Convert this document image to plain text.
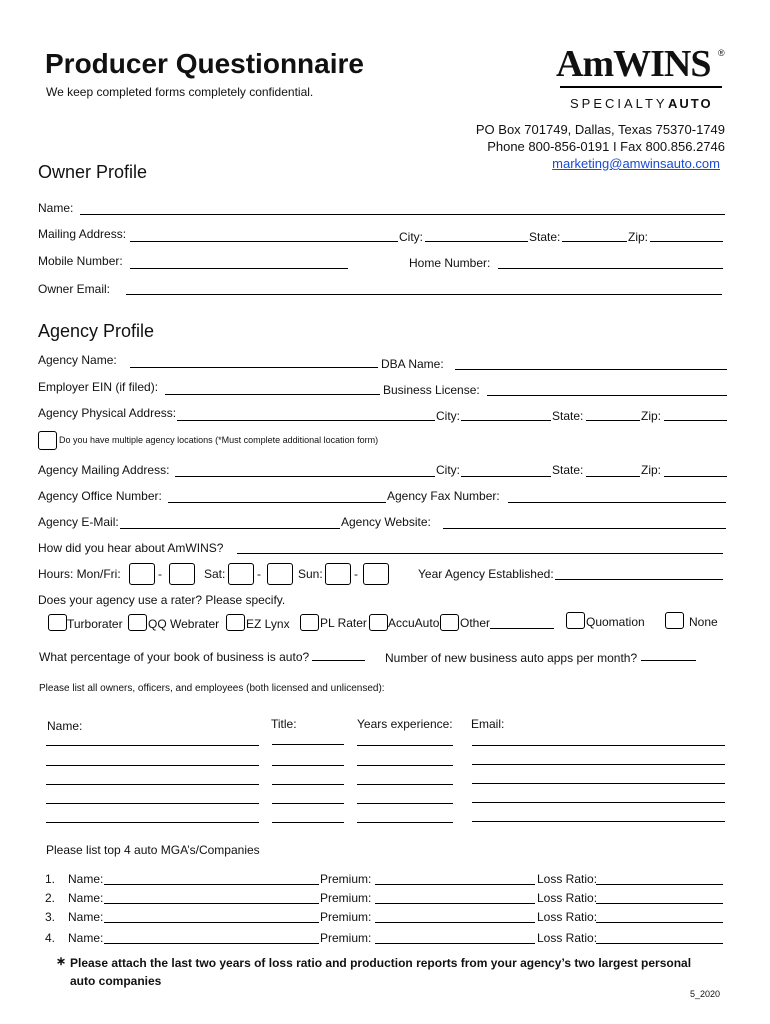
Producer Questionnaire
We keep completed forms completely confidential.
AmWINS ®
SPECIALTY AUTO
PO Box 701749, Dallas, Texas 75370-1749
Phone 800-856-0191 I Fax 800.856.2746
marketing@amwinsauto.com
Owner Profile
Name:
Mailing Address:	City:	State:	Zip:
Mobile Number:	Home Number:
Owner Email:
Agency Profile
Agency Name:	DBA Name:
Employer EIN (if filed):	Business License:
Agency Physical Address:	City:	State:	Zip:
Do you have multiple agency locations (*Must complete additional location form)
Agency Mailing Address:	City:	State:	Zip:
Agency Office Number:	Agency Fax Number:
Agency E-Mail:	Agency Website:
How did you hear about AmWINS?
Hours: Mon/Fri:	-	Sat:	-	Sun:	-	Year Agency Established:
Does your agency use a rater? Please specify.
Turborater QQ Webrater EZ Lynx	PL Rater AccuAuto Other	Quomation	None
What percentage of your book of business is auto?	Number of new business auto apps per month?
Please list all owners, officers, and employees (both licensed and unlicensed):
Name:	Title:	Years experience: Email:
Please list top 4 auto MGA’s/Companies
1. Name:	Premium:	Loss Ratio:
2. Name:	Premium:	Loss Ratio:
3. Name:	Premium:	Loss Ratio:
4. Name:	Premium:	Loss Ratio:
∗ Please attach the last two years of loss ratio and production reports from your agency’s two largest personal auto companies
5_2020
